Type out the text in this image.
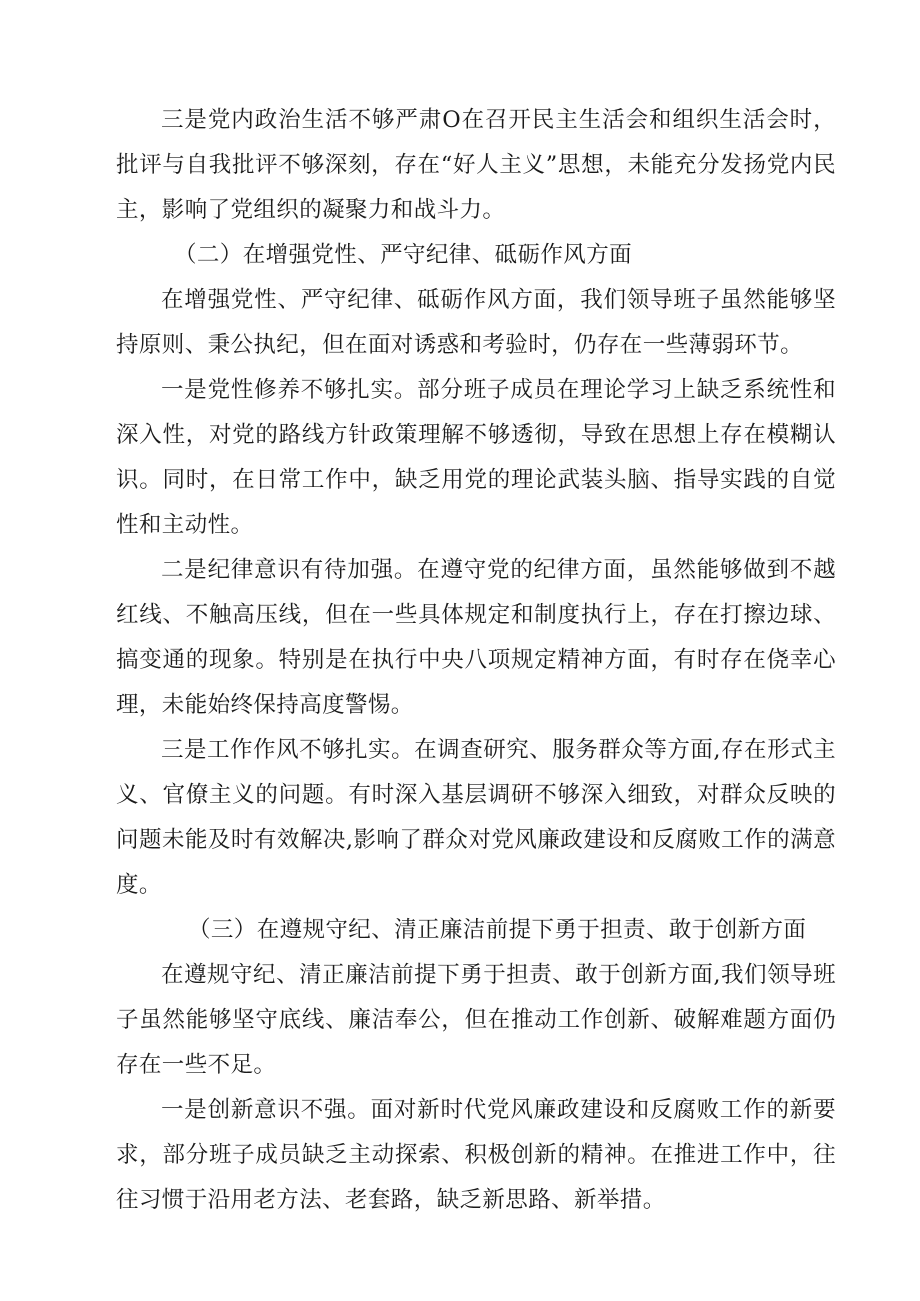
三是党内政治生活不够严肃O在召开民主生活会和组织生活会时，批评与自我批评不够深刻，存在“好人主义”思想，未能充分发扬党内民主，影响了党组织的凝聚力和战斗力。

（二）在增强党性、严守纪律、砥砺作风方面

在增强党性、严守纪律、砥砺作风方面，我们领导班子虽然能够坚持原则、秉公执纪，但在面对诱惑和考验时，仍存在一些薄弱环节。

一是党性修养不够扎实。部分班子成员在理论学习上缺乏系统性和深入性，对党的路线方针政策理解不够透彻，导致在思想上存在模糊认识。同时，在日常工作中，缺乏用党的理论武装头脑、指导实践的自觉性和主动性。

二是纪律意识有待加强。在遵守党的纪律方面，虽然能够做到不越红线、不触高压线，但在一些具体规定和制度执行上，存在打擦边球、搞变通的现象。特别是在执行中央八项规定精神方面，有时存在侥幸心理，未能始终保持高度警惕。

三是工作作风不够扎实。在调查研究、服务群众等方面,存在形式主义、官僚主义的问题。有时深入基层调研不够深入细致，对群众反映的问题未能及时有效解决,影响了群众对党风廉政建设和反腐败工作的满意度。

（三）在遵规守纪、清正廉洁前提下勇于担责、敢于创新方面

在遵规守纪、清正廉洁前提下勇于担责、敢于创新方面,我们领导班子虽然能够坚守底线、廉洁奉公，但在推动工作创新、破解难题方面仍存在一些不足。

一是创新意识不强。面对新时代党风廉政建设和反腐败工作的新要求，部分班子成员缺乏主动探索、积极创新的精神。在推进工作中，往往习惯于沿用老方法、老套路，缺乏新思路、新举措。
